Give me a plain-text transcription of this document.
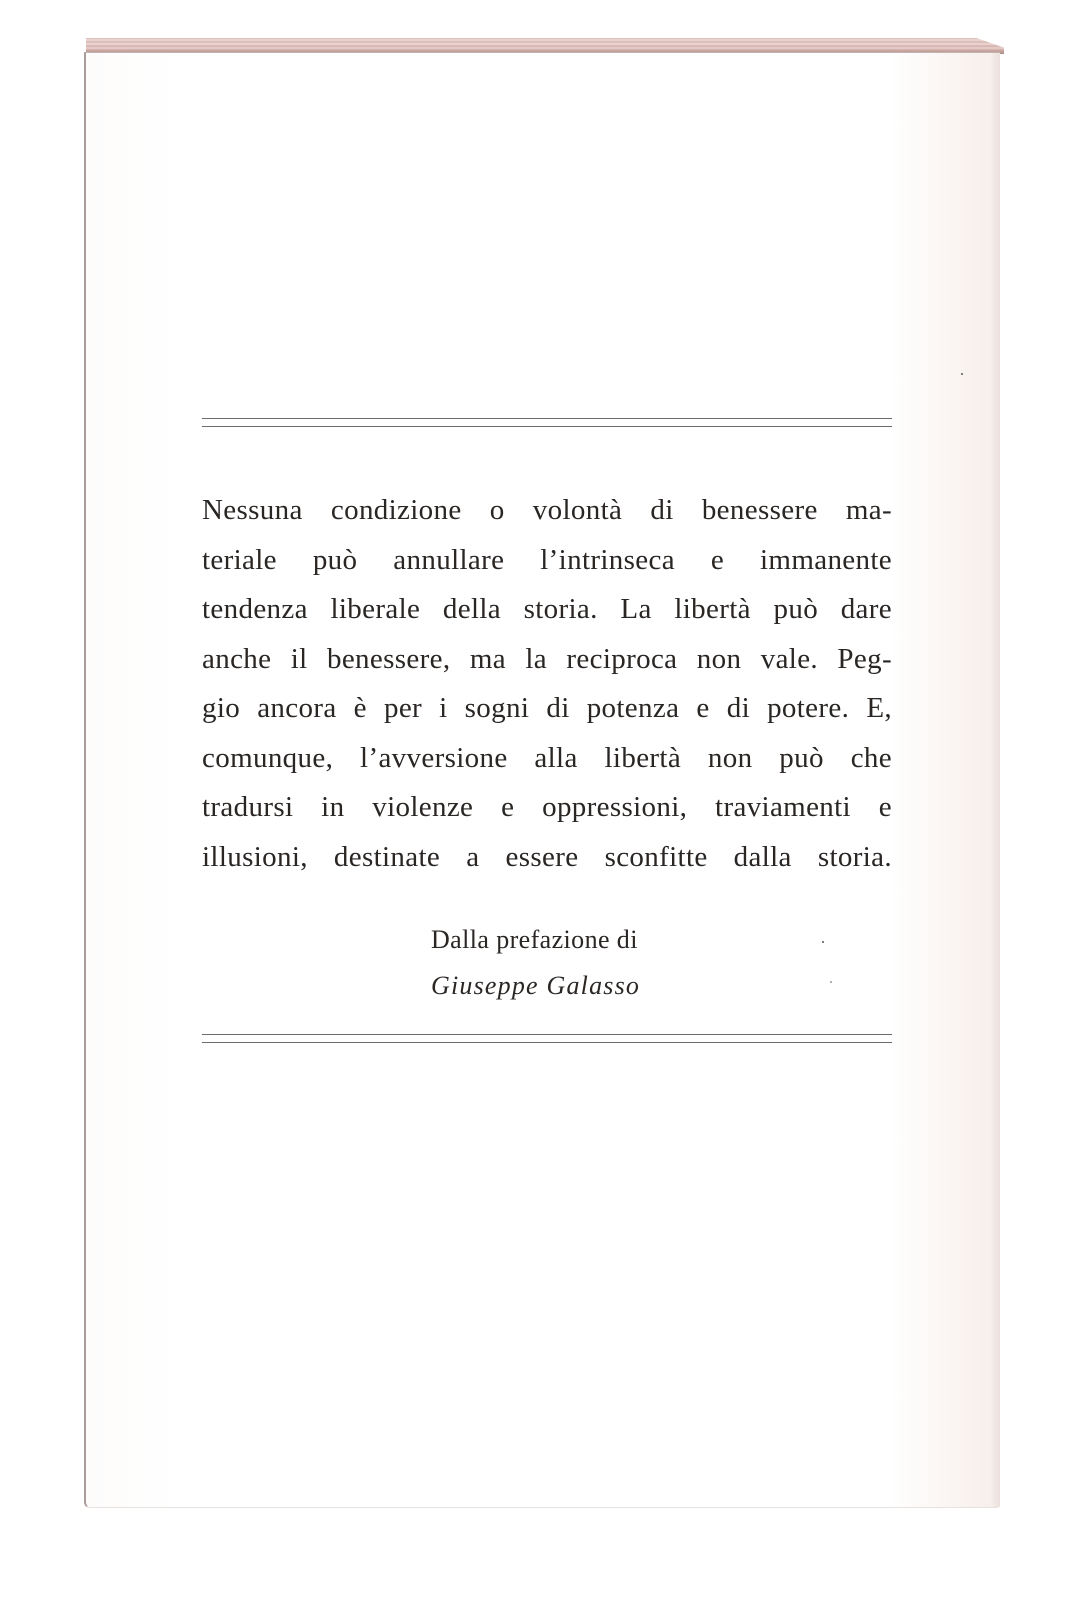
Nessuna condizione o volontà di benessere ma-
teriale può annullare l’intrinseca e immanente
tendenza liberale della storia. La libertà può dare
anche il benessere, ma la reciproca non vale. Peg-
gio ancora è per i sogni di potenza e di potere. E,
comunque, l’avversione alla libertà non può che
tradursi in violenze e oppressioni, traviamenti e
illusioni, destinate a essere sconfitte dalla storia.

Dalla prefazione di
Giuseppe Galasso
